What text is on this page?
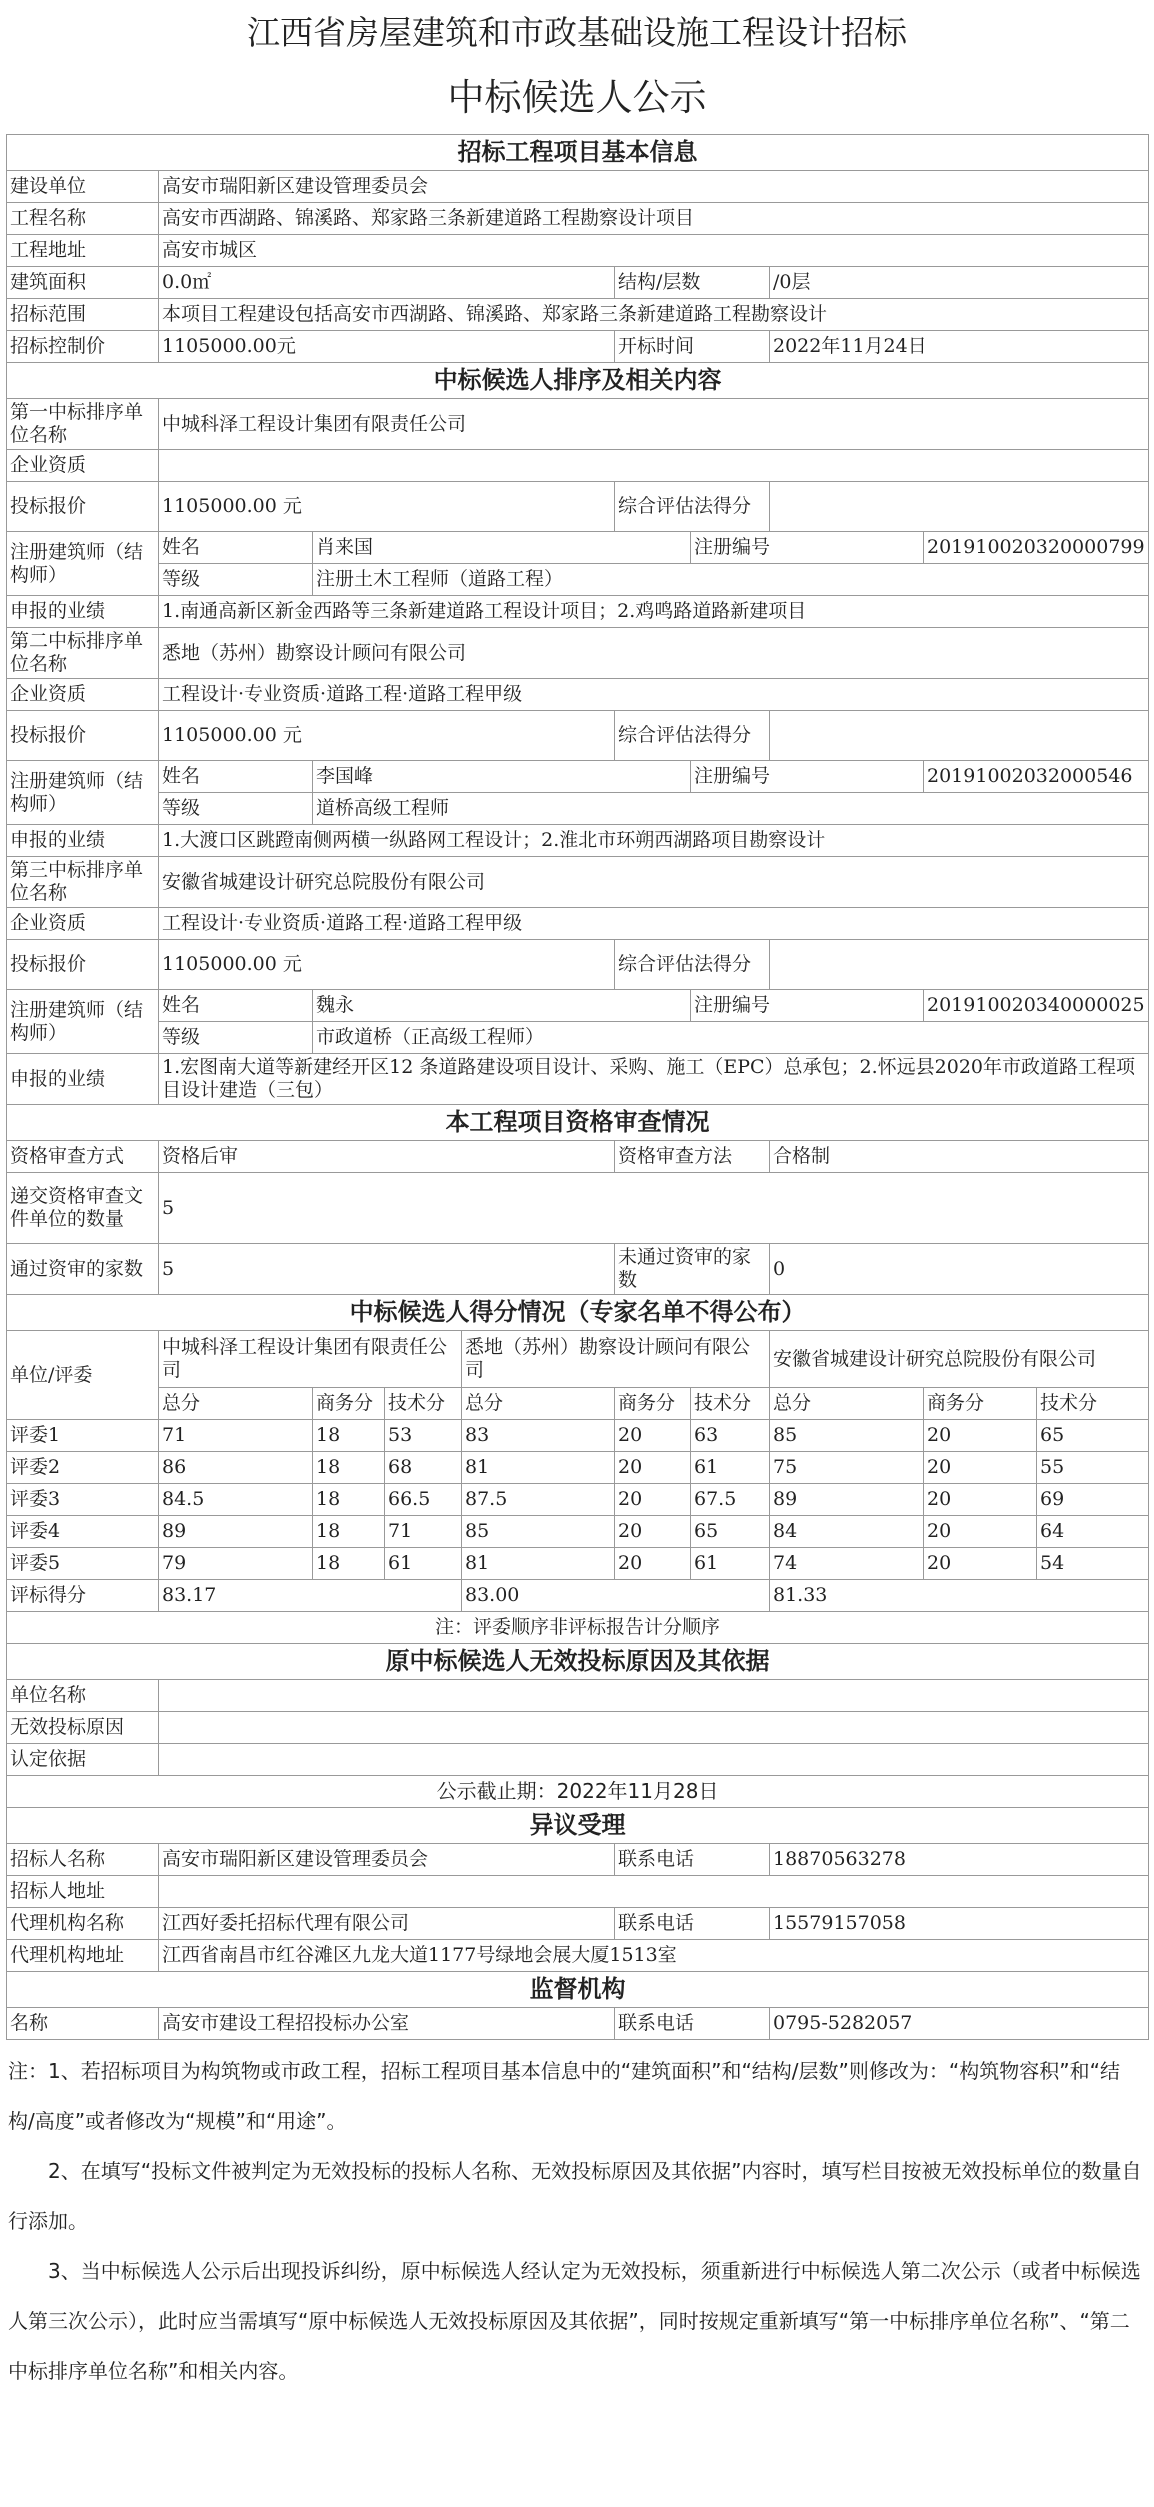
江西省房屋建筑和市政基础设施工程设计招标
中标候选人公示
招标工程项目基本信息									
建设单位	高安市瑞阳新区建设管理委员会								
工程名称	高安市西湖路、锦溪路、郑家路三条新建道路工程勘察设计项目								
工程地址	高安市城区								
建筑面积	0.0㎡				结构/层数		/0层		
招标范围	本项目工程建设包括高安市西湖路、锦溪路、郑家路三条新建道路工程勘察设计								
招标控制价	1105000.00元				开标时间		2022年11月24日		
中标候选人排序及相关内容									
第一中标排序单位名称	中城科泽工程设计集团有限责任公司								
企业资质									
投标报价	1105000.00 元				综合评估法得分				
注册建筑师（结构师）	姓名	肖来国				注册编号		201910020320000799	
	等级	注册土木工程师（道路工程）							
申报的业绩	1.南通高新区新金西路等三条新建道路工程设计项目；2.鸡鸣路道路新建项目								
第二中标排序单位名称	悉地（苏州）勘察设计顾问有限公司								
企业资质	工程设计·专业资质·道路工程·道路工程甲级								
投标报价	1105000.00 元				综合评估法得分				
注册建筑师（结构师）	姓名	李国峰				注册编号		20191002032000546	
	等级	道桥高级工程师							
申报的业绩	1.大渡口区跳蹬南侧两横一纵路网工程设计；2.淮北市环朔西湖路项目勘察设计								
第三中标排序单位名称	安徽省城建设计研究总院股份有限公司								
企业资质	工程设计·专业资质·道路工程·道路工程甲级								
投标报价	1105000.00 元				综合评估法得分				
注册建筑师（结构师）	姓名	魏永				注册编号		201910020340000025	
	等级	市政道桥（正高级工程师）							
申报的业绩	1.宏图南大道等新建经开区12 条道路建设项目设计、采购、施工（EPC）总承包；2.怀远县2020年市政道路工程项目设计建造（三包）								
本工程项目资格审查情况									
资格审查方式	资格后审				资格审查方法		合格制		
递交资格审查文件单位的数量	5								
通过资审的家数	5				未通过资审的家数		0		
中标候选人得分情况（专家名单不得公布）									
单位/评委	中城科泽工程设计集团有限责任公司			悉地（苏州）勘察设计顾问有限公司			安徽省城建设计研究总院股份有限公司		
	总分	商务分	技术分	总分	商务分	技术分	总分	商务分	技术分
评委1	71	18	53	83	20	63	85	20	65
评委2	86	18	68	81	20	61	75	20	55
评委3	84.5	18	66.5	87.5	20	67.5	89	20	69
评委4	89	18	71	85	20	65	84	20	64
评委5	79	18	61	81	20	61	74	20	54
评标得分	83.17			83.00			81.33		
注：评委顺序非评标报告计分顺序									
原中标候选人无效投标原因及其依据									
单位名称									
无效投标原因									
认定依据									
公示截止期：2022年11月28日									
异议受理									
招标人名称	高安市瑞阳新区建设管理委员会				联系电话		18870563278		
招标人地址									
代理机构名称	江西好委托招标代理有限公司				联系电话		15579157058		
代理机构地址	江西省南昌市红谷滩区九龙大道1177号绿地会展大厦1513室								
监督机构									
名称	高安市建设工程招投标办公室				联系电话		0795-5282057		

注：1、若招标项目为构筑物或市政工程，招标工程项目基本信息中的“建筑面积”和“结构/层数”则修改为：“构筑物容积”和“结构/高度”或者修改为“规模”和“用途”。

2、在填写“投标文件被判定为无效投标的投标人名称、无效投标原因及其依据”内容时，填写栏目按被无效投标单位的数量自行添加。

3、当中标候选人公示后出现投诉纠纷，原中标候选人经认定为无效投标，须重新进行中标候选人第二次公示（或者中标候选人第三次公示），此时应当需填写“原中标候选人无效投标原因及其依据”，同时按规定重新填写“第一中标排序单位名称”、“第二中标排序单位名称”和相关内容。
